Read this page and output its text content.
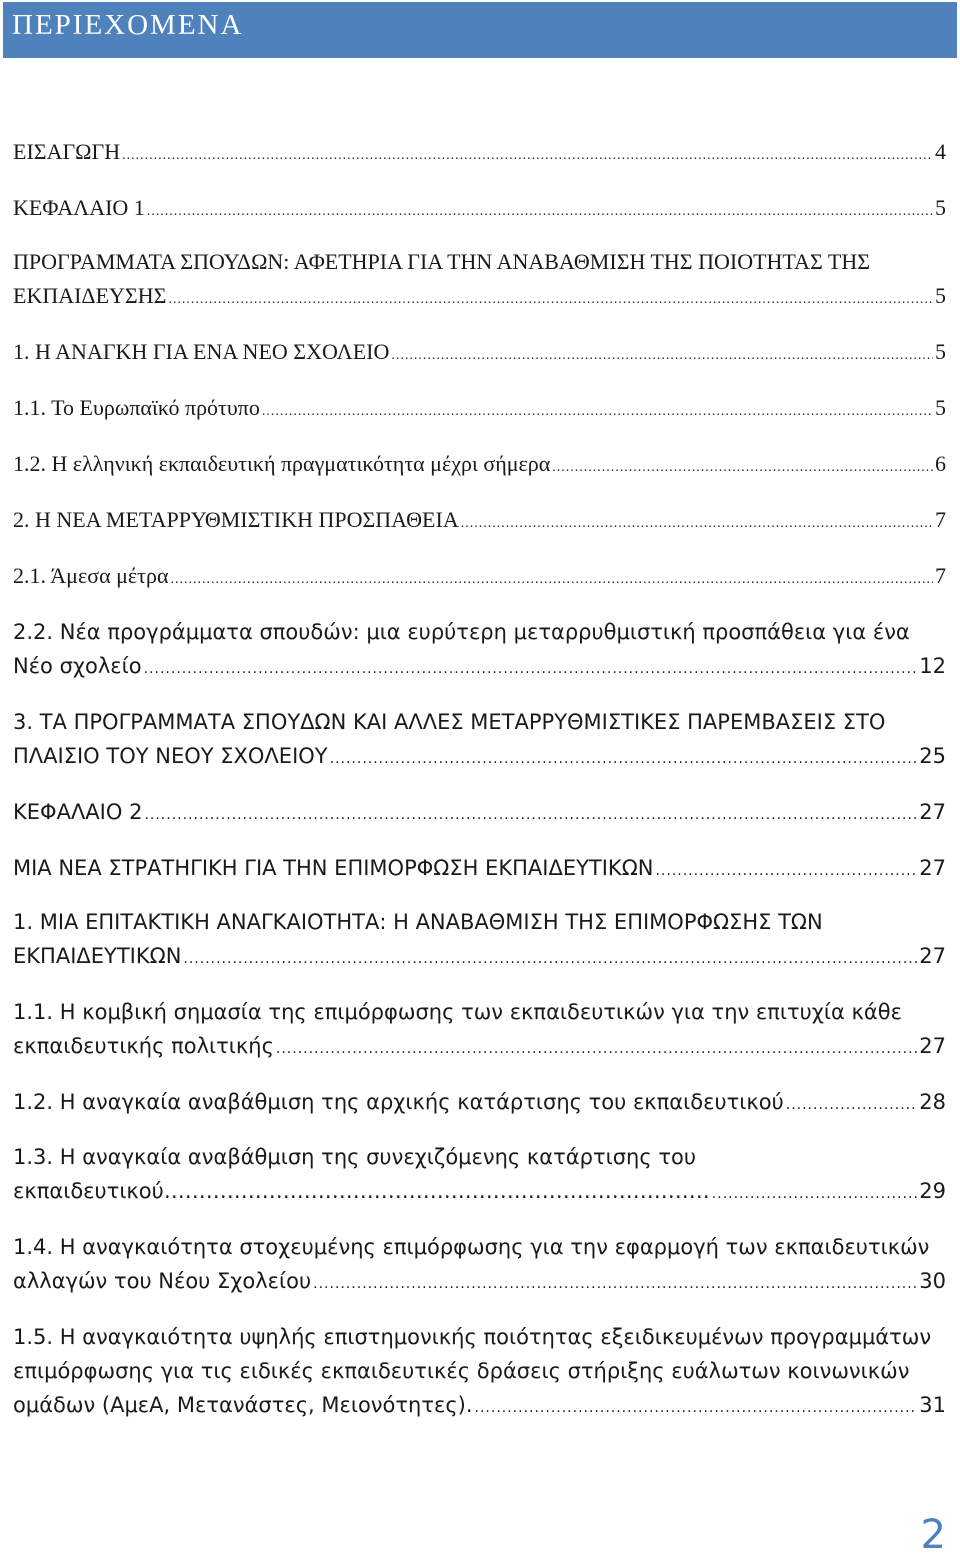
ΠΕΡΙΕΧΟΜΕΝΑ
ΕΙΣΑΓΩΓΗ .....	4
ΚΕΦΑΛΑΙΟ 1 .....	5
ΠΡΟΓΡΑΜΜΑΤΑ ΣΠΟΥΔΩΝ: ΑΦΕΤΗΡΙΑ ΓΙΑ ΤΗΝ ΑΝΑΒΑΘΜΙΣΗ ΤΗΣ ΠΟΙΟΤΗΤΑΣ ΤΗΣ
ΕΚΠΑΙΔΕΥΣΗΣ .....	5
1. Η ΑΝΑΓΚΗ ΓΙΑ ΕΝΑ ΝΕΟ ΣΧΟΛΕΙΟ .....	5
1.1. Το Ευρωπαϊκό πρότυπο .....	5
1.2. Η ελληνική εκπαιδευτική πραγματικότητα μέχρι σήμερα .....	6
2. Η ΝΕΑ ΜΕΤΑΡΡΥΘΜΙΣΤΙΚΗ ΠΡΟΣΠΑΘΕΙΑ .....	7
2.1. Άμεσα μέτρα .....	7
2.2. Νέα προγράμματα σπουδών: μια ευρύτερη μεταρρυθμιστική προσπάθεια για ένα
Νέο σχολείο .....	12
3. ΤΑ ΠΡΟΓΡΑΜΜΑΤΑ ΣΠΟΥΔΩΝ ΚΑΙ ΑΛΛΕΣ ΜΕΤΑΡΡΥΘΜΙΣΤΙΚΕΣ ΠΑΡΕΜΒΑΣΕΙΣ ΣΤΟ
ΠΛΑΙΣΙΟ ΤΟΥ ΝΕΟΥ ΣΧΟΛΕΙΟΥ .....	25
ΚΕΦΑΛΑΙΟ 2 .....	27
ΜΙΑ ΝΕΑ ΣΤΡΑΤΗΓΙΚΗ ΓΙΑ ΤΗΝ ΕΠΙΜΟΡΦΩΣΗ ΕΚΠΑΙΔΕΥΤΙΚΩΝ .....	27
1. ΜΙΑ ΕΠΙΤΑΚΤΙΚΗ ΑΝΑΓΚΑΙΟΤΗΤΑ: Η ΑΝΑΒΑΘΜΙΣΗ ΤΗΣ ΕΠΙΜΟΡΦΩΣΗΣ ΤΩΝ
ΕΚΠΑΙΔΕΥΤΙΚΩΝ .....	27
1.1. Η κομβική σημασία της επιμόρφωσης των εκπαιδευτικών για την επιτυχία κάθε
εκπαιδευτικής πολιτικής .....	27
1.2. Η αναγκαία αναβάθμιση της αρχικής κατάρτισης του εκπαιδευτικού .....	28
1.3. Η αναγκαία αναβάθμιση της συνεχιζόμενης κατάρτισης του
εκπαιδευτικού…………………………………………………………………… .....	29
1.4. Η αναγκαιότητα στοχευμένης επιμόρφωσης για την εφαρμογή των εκπαιδευτικών
αλλαγών του Νέου Σχολείου .....	30
1.5. Η αναγκαιότητα υψηλής επιστημονικής ποιότητας εξειδικευμένων προγραμμάτων
επιμόρφωσης για τις ειδικές εκπαιδευτικές δράσεις στήριξης ευάλωτων κοινωνικών
ομάδων (ΑμεΑ, Μετανάστες, Μειονότητες). .....	31
2
